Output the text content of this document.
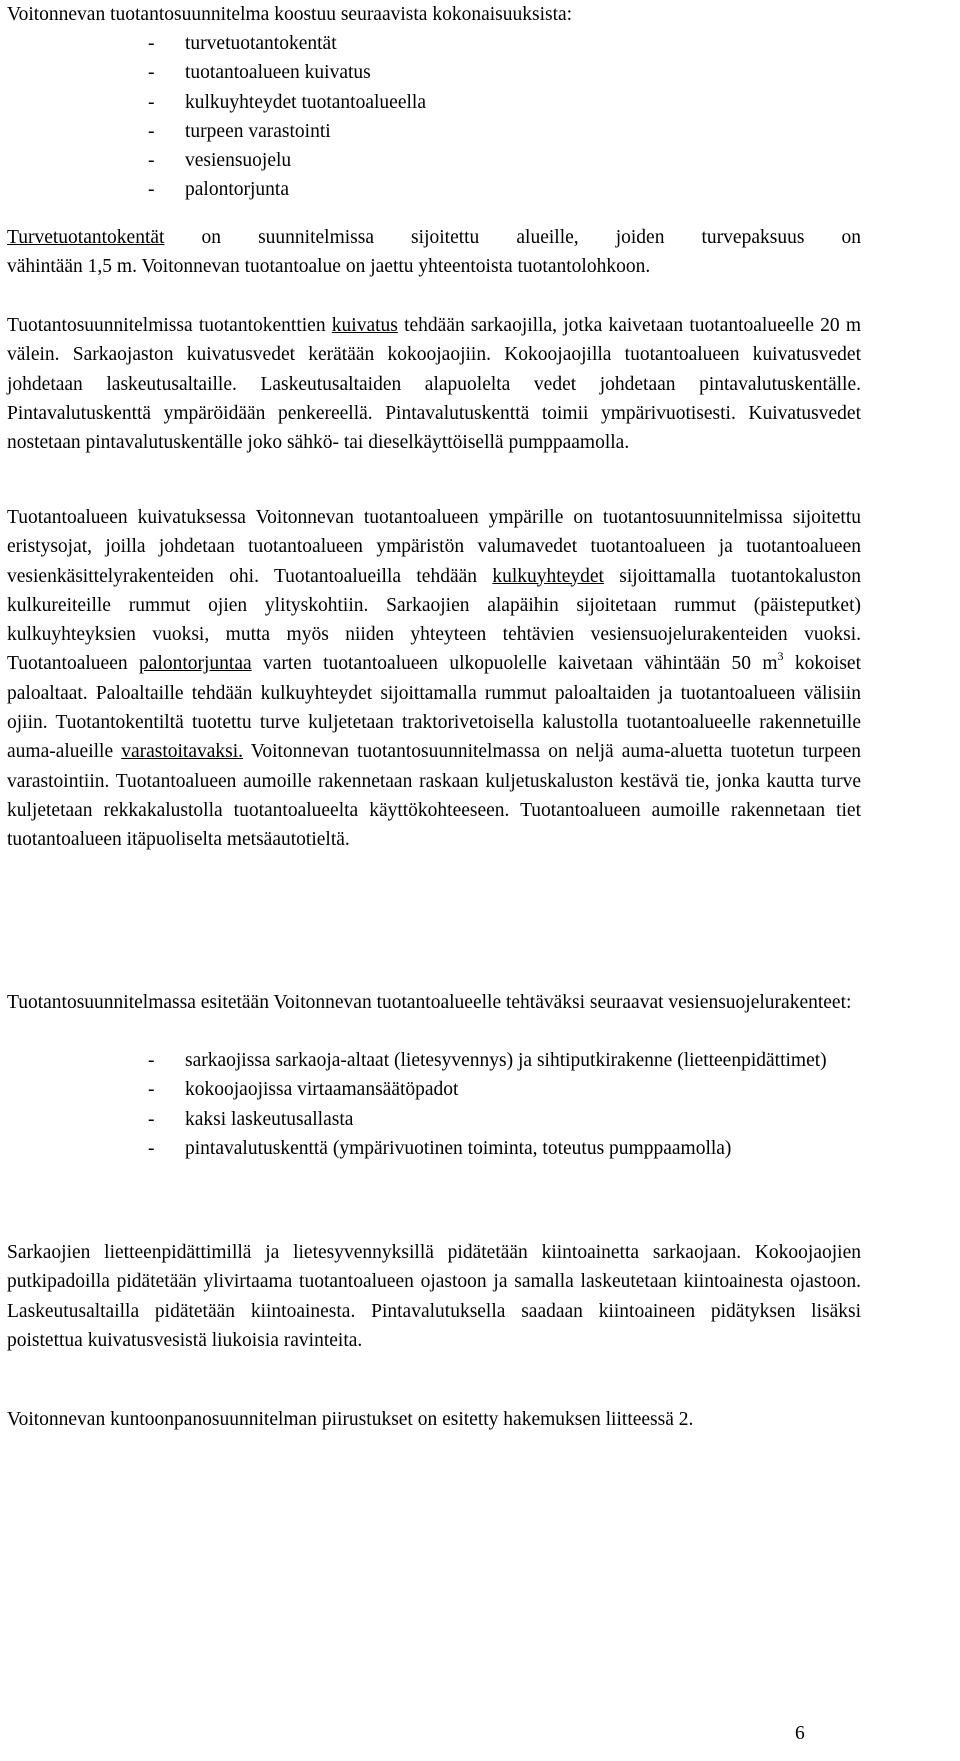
Voitonnevan tuotantosuunnitelma koostuu seuraavista kokonaisuuksista:

- turvetuotantokentät
- tuotantoalueen kuivatus
- kulkuyhteydet tuotantoalueella
- turpeen varastointi
- vesiensuojelu
- palontorjunta

Turvetuotantokentät on suunnitelmissa sijoitettu alueille, joiden turvepaksuus on
vähintään 1,5 m. Voitonnevan tuotantoalue on jaettu yhteentoista tuotantolohkoon.

Tuotantosuunnitelmissa tuotantokenttien kuivatus tehdään sarkaojilla, jotka kaivetaan tuotantoalueelle 20 m välein. Sarkaojaston kuivatusvedet kerätään kokoojaojiin. Kokoojaojilla tuotantoalueen kuivatusvedet johdetaan laskeutusaltaille. Laskeutusaltaiden alapuolelta vedet johdetaan pintavalutuskentälle. Pintavalutuskenttä ympäröidään penkereellä. Pintavalutuskenttä toimii ympärivuotisesti. Kuivatusvedet nostetaan pintavalutuskentälle joko sähkö- tai dieselkäyttöisellä pumppaamolla.

Tuotantoalueen kuivatuksessa Voitonnevan tuotantoalueen ympärille on tuotantosuunnitelmissa sijoitettu eristysojat, joilla johdetaan tuotantoalueen ympäristön valumavedet tuotantoalueen ja tuotantoalueen vesienkäsittelyrakenteiden ohi. Tuotantoalueilla tehdään kulkuyhteydet sijoittamalla tuotantokaluston kulkureiteille rummut ojien ylityskohtiin. Sarkaojien alapäihin sijoitetaan rummut (päisteputket) kulkuyhteyksien vuoksi, mutta myös niiden yhteyteen tehtävien vesiensuojelurakenteiden vuoksi. Tuotantoalueen palontorjuntaa varten tuotantoalueen ulkopuolelle kaivetaan vähintään 50 $m^3$ kokoiset paloaltaat. Paloaltaille tehdään kulkuyhteydet sijoittamalla rummut paloaltaiden ja tuotantoalueen välisiin ojiin. Tuotantokentiltä tuotettu turve kuljetetaan traktorivetoisella kalustolla tuotantoalueelle rakennetuille auma-alueille varastoitavaksi. Voitonnevan tuotantosuunnitelmassa on neljä auma-aluetta tuotetun turpeen varastointiin. Tuotantoalueen aumoille rakennetaan raskaan kuljetuskaluston kestävä tie, jonka kautta turve kuljetetaan rekkakalustolla tuotantoalueelta käyttökohteeseen. Tuotantoalueen aumoille rakennetaan tiet tuotantoalueen itäpuoliselta metsäautotieltä.

Tuotantosuunnitelmassa esitetään Voitonnevan tuotantoalueelle tehtäväksi seuraavat vesiensuojelurakenteet:

- sarkaojissa sarkaoja-altaat (lietesyvennys) ja sihtiputkirakenne (lietteenpidättimet)
- kokoojaojissa virtaamansäätöpadot
- kaksi laskeutusallasta
- pintavalutuskenttä (ympärivuotinen toiminta, toteutus pumppaamolla)

Sarkaojien lietteenpidättimillä ja lietesyvennyksillä pidätetään kiintoainetta sarkaojaan. Kokoojaojien putkipadoilla pidätetään ylivirtaama tuotantoalueen ojastoon ja samalla laskeutetaan kiintoainesta ojastoon. Laskeutusaltailla pidätetään kiintoainesta. Pintavalutuksella saadaan kiintoaineen pidätyksen lisäksi poistettua kuivatusvesistä liukoisia ravinteita.

Voitonnevan kuntoonpanosuunnitelman piirustukset on esitetty hakemuksen liitteessä 2.

6
